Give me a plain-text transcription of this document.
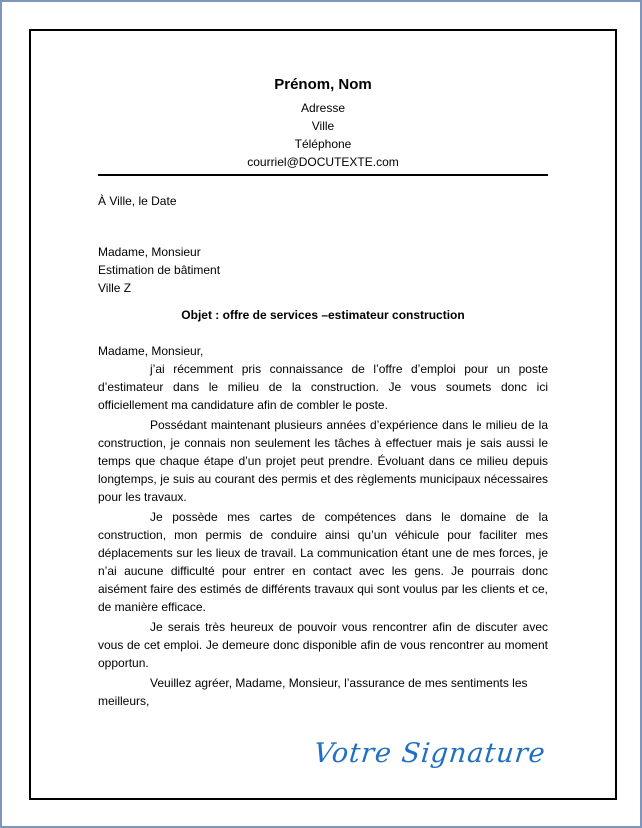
Prénom, Nom
Adresse
Ville
Téléphone
courriel@DOCUTEXTE.com
À Ville, le Date
Madame, Monsieur
Estimation de bâtiment
Ville Z
Objet : offre de services –estimateur construction
Madame, Monsieur,

j’ai récemment pris connaissance de l’offre d’emploi pour un poste d’estimateur dans le milieu de la construction. Je vous soumets donc ici officiellement ma candidature afin de combler le poste.

Possédant maintenant plusieurs années d’expérience dans le milieu de la construction, je connais non seulement les tâches à effectuer mais je sais aussi le temps que chaque étape d’un projet peut prendre. Évoluant dans ce milieu depuis longtemps, je suis au courant des permis et des règlements municipaux nécessaires pour les travaux.

Je possède mes cartes de compétences dans le domaine de la construction, mon permis de conduire ainsi qu’un véhicule pour faciliter mes déplacements sur les lieux de travail. La communication étant une de mes forces, je n’ai aucune difficulté pour entrer en contact avec les gens. Je pourrais donc aisément faire des estimés de différents travaux qui sont voulus par les clients et ce, de manière efficace.

Je serais très heureux de pouvoir vous rencontrer afin de discuter avec vous de cet emploi. Je demeure donc disponible afin de vous rencontrer au moment opportun.

Veuillez agréer, Madame, Monsieur, l’assurance de mes sentiments les meilleurs,

Votre Signature
